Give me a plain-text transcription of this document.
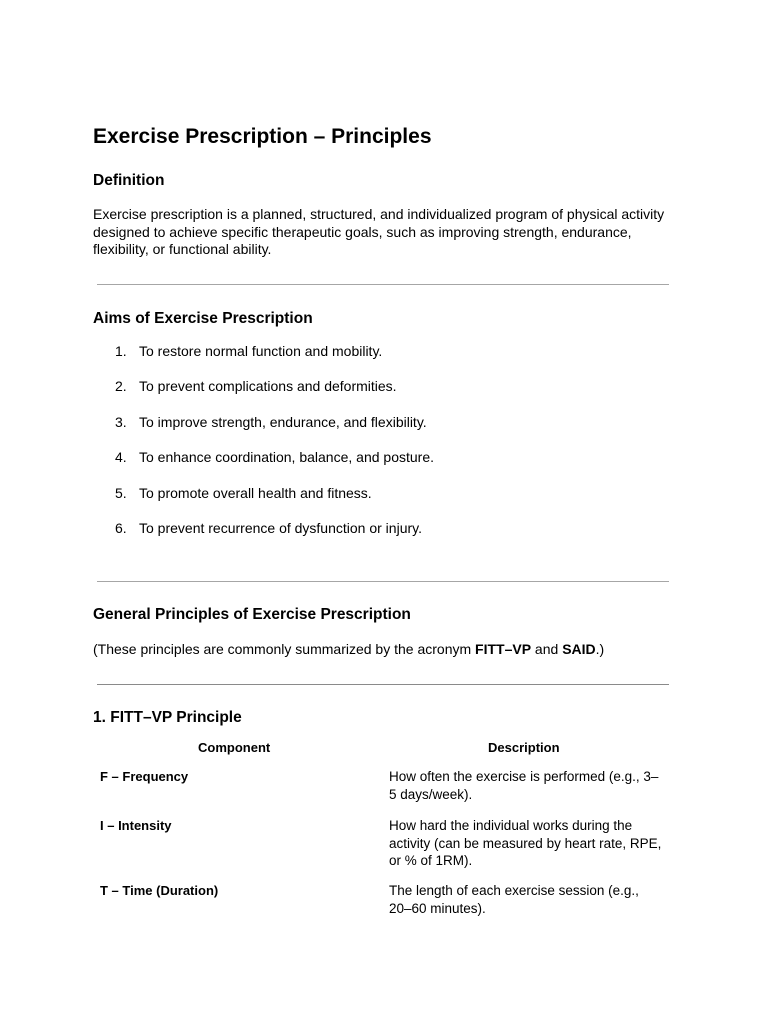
Exercise Prescription – Principles
Definition

Exercise prescription is a planned, structured, and individualized program of physical activity designed to achieve specific therapeutic goals, such as improving strength, endurance, flexibility, or functional ability.

Aims of Exercise Prescription
1. To restore normal function and mobility.
2. To prevent complications and deformities.
3. To improve strength, endurance, and flexibility.
4. To enhance coordination, balance, and posture.
5. To promote overall health and fitness.
6. To prevent recurrence of dysfunction or injury.
General Principles of Exercise Prescription

(These principles are commonly summarized by the acronym FITT–VP and SAID.)

1. FITT–VP Principle
Component	Description
F – Frequency	How often the exercise is performed (e.g., 3–5 days/week).
I – Intensity	How hard the individual works during the activity (can be measured by heart rate, RPE, or % of 1RM).
T – Time (Duration)	The length of each exercise session (e.g., 20–60 minutes).
